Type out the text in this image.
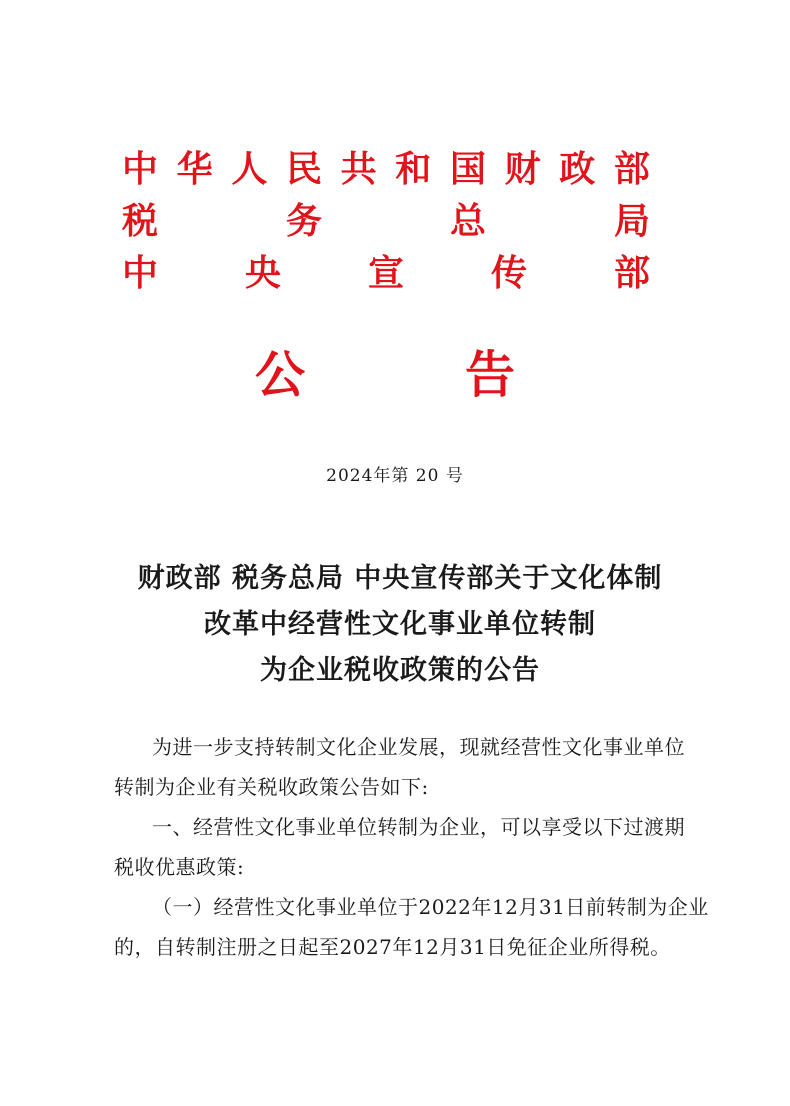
中 华 人 民 共 和 国 财 政 部
税	务	总	局
中 央 宣 传 部
公	告
2024年第 20 号
财政部 税务总局 中央宣传部关于文化体制
改革中经营性文化事业单位转制
为企业税收政策的公告
为进一步支持转制文化企业发展，现就经营性文化事业单位
转制为企业有关税收政策公告如下:
一、经营性文化事业单位转制为企业，可以享受以下过渡期
税收优惠政策:
（一）经营性文化事业单位于2022年12月31日前转制为企业
的，自转制注册之日起至2027年12月31日免征企业所得税。
